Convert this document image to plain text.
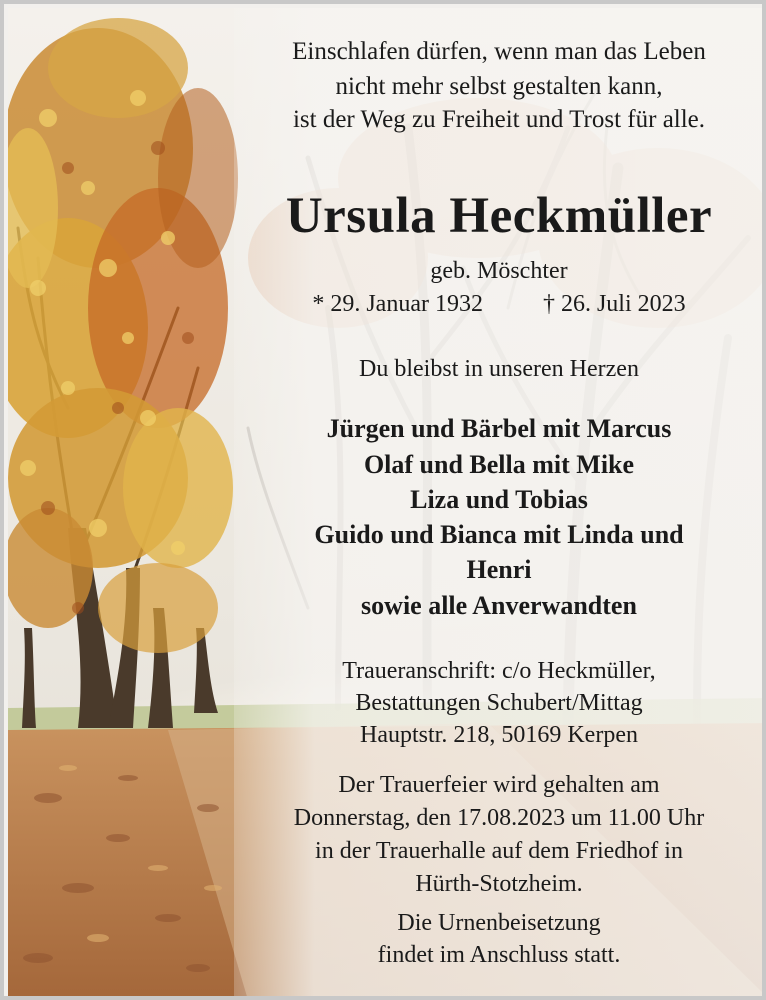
Einschlafen dürfen, wenn man das Leben
nicht mehr selbst gestalten kann,
ist der Weg zu Freiheit und Trost für alle.
Ursula Heckmüller
geb. Möschter
* 29. Januar 1932	† 26. Juli 2023
Du bleibst in unseren Herzen
Jürgen und Bärbel mit Marcus
Olaf und Bella mit Mike
Liza und Tobias
Guido und Bianca mit Linda und
Henri
sowie alle Anverwandten
Traueranschrift: c/o Heckmüller,
Bestattungen Schubert/Mittag
Hauptstr. 218, 50169 Kerpen
Der Trauerfeier wird gehalten am
Donnerstag, den 17.08.2023 um 11.00 Uhr
in der Trauerhalle auf dem Friedhof in
Hürth-Stotzheim.
Die Urnenbeisetzung
findet im Anschluss statt.
